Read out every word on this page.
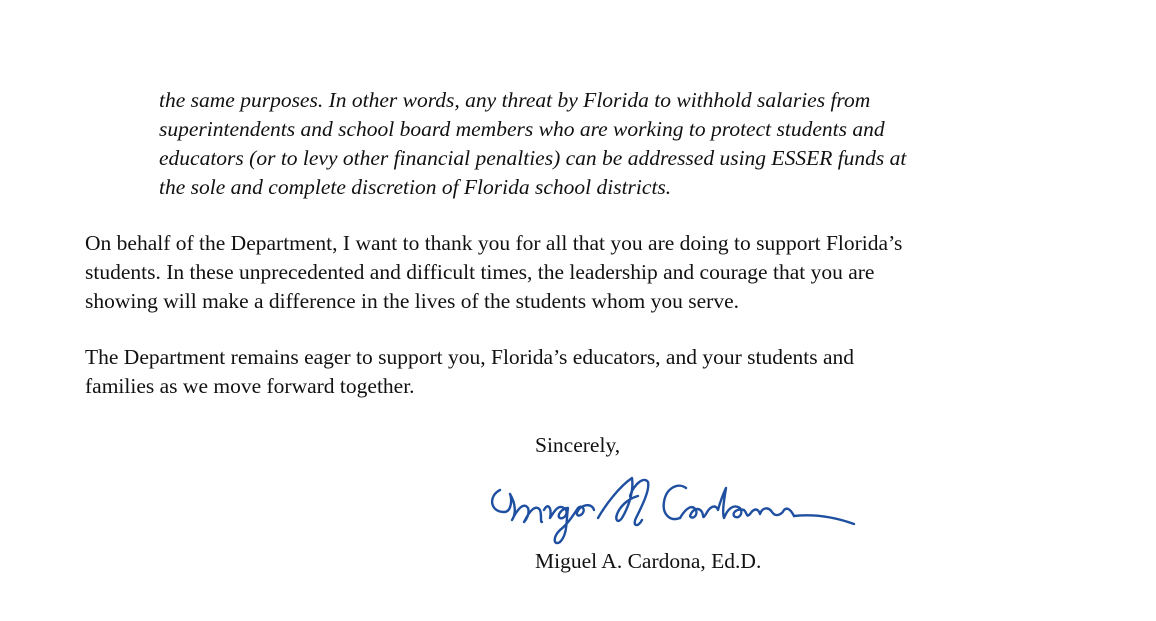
the same purposes. In other words, any threat by Florida to withhold salaries from
superintendents and school board members who are working to protect students and
educators (or to levy other financial penalties) can be addressed using ESSER funds at
the sole and complete discretion of Florida school districts.
On behalf of the Department, I want to thank you for all that you are doing to support Florida’s
students. In these unprecedented and difficult times, the leadership and courage that you are
showing will make a difference in the lives of the students whom you serve.
The Department remains eager to support you, Florida’s educators, and your students and
families as we move forward together.
Sincerely,
Miguel A. Cardona, Ed.D.
